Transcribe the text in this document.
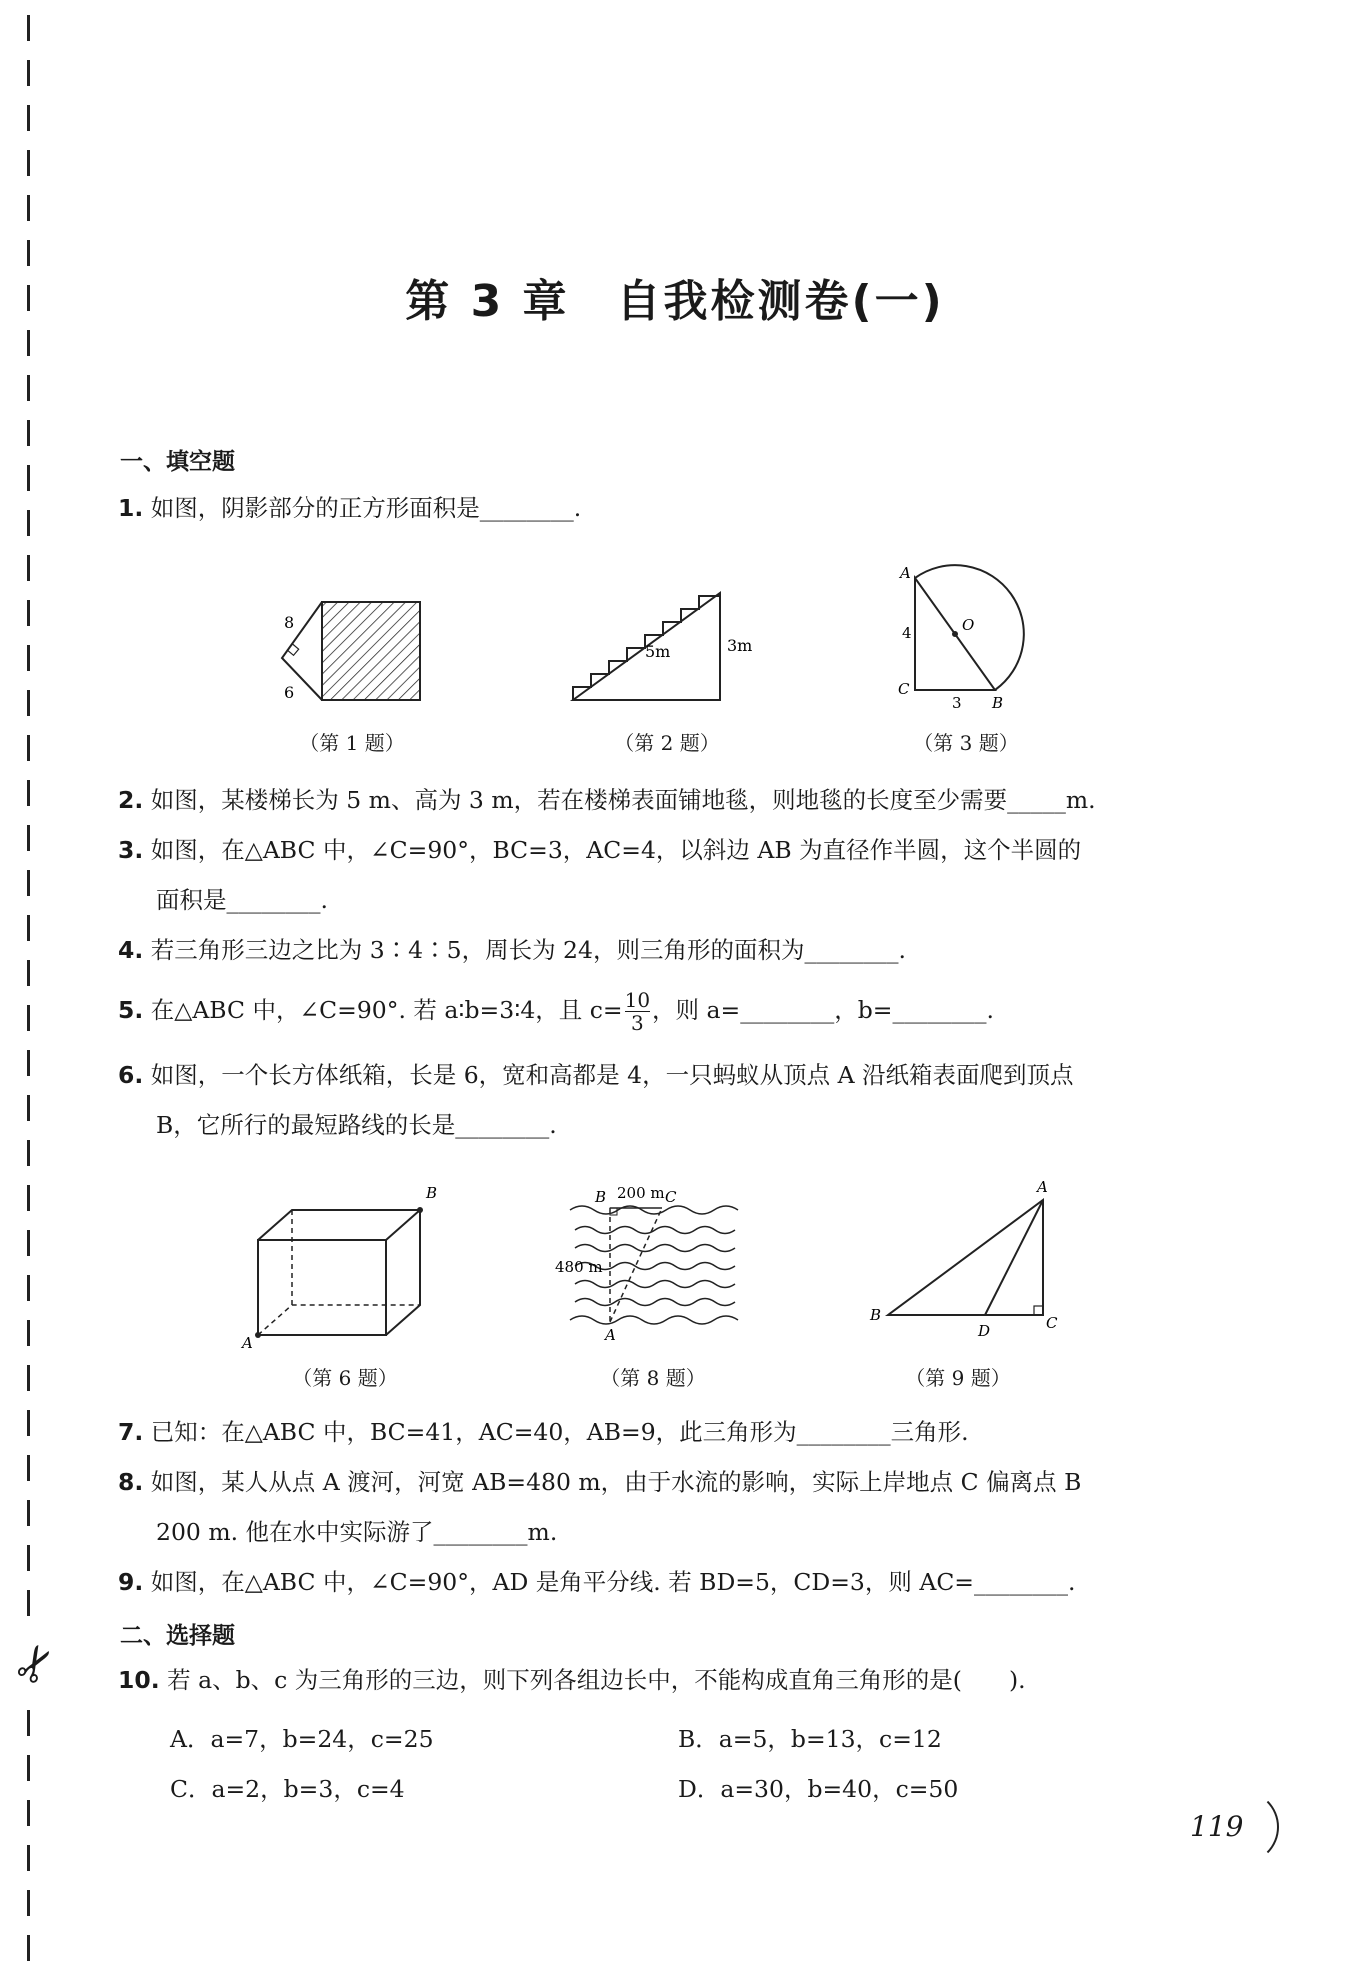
✂
第 3 章　自我检测卷(一)
一、填空题
1. 如图，阴影部分的正方形面积是________.
8
6
（第 1 题）
5m	3m
（第 2 题）
A
O
C
B
4
3
（第 3 题）
2. 如图，某楼梯长为 5 m、高为 3 m，若在楼梯表面铺地毯，则地毯的长度至少需要_____m.
3. 如图，在△ABC 中，∠C=90°，BC=3，AC=4，以斜边 AB 为直径作半圆，这个半圆的
面积是________.
4. 若三角形三边之比为 3∶4∶5，周长为 24，则三角形的面积为________.
5. 在△ABC 中，∠C=90°. 若 a∶b=3∶4，且 $c= \frac{10}{3}$ ，则 a=________，b=________.
6. 如图，一个长方体纸箱，长是 6，宽和高都是 4，一只蚂蚁从顶点 A 沿纸箱表面爬到顶点
B，它所行的最短路线的长是________.
A
B
（第 6 题）
B 200 m C
480 m
A
（第 8 题）
A
B
D	C
（第 9 题）
7. 已知：在△ABC 中，BC=41，AC=40，AB=9，此三角形为________三角形.
8. 如图，某人从点 A 渡河，河宽 AB=480 m，由于水流的影响，实际上岸地点 C 偏离点 B
200 m. 他在水中实际游了________m.
9. 如图，在△ABC 中，∠C=90°，AD 是角平分线. 若 BD=5，CD=3，则 AC=________.
二、选择题
10. 若 a、b、c 为三角形的三边，则下列各组边长中，不能构成直角三角形的是(　　).
A．a=7，b=24，c=25	B．a=5，b=13，c=12
C．a=2，b=3，c=4	D．a=30，b=40，c=50
119
